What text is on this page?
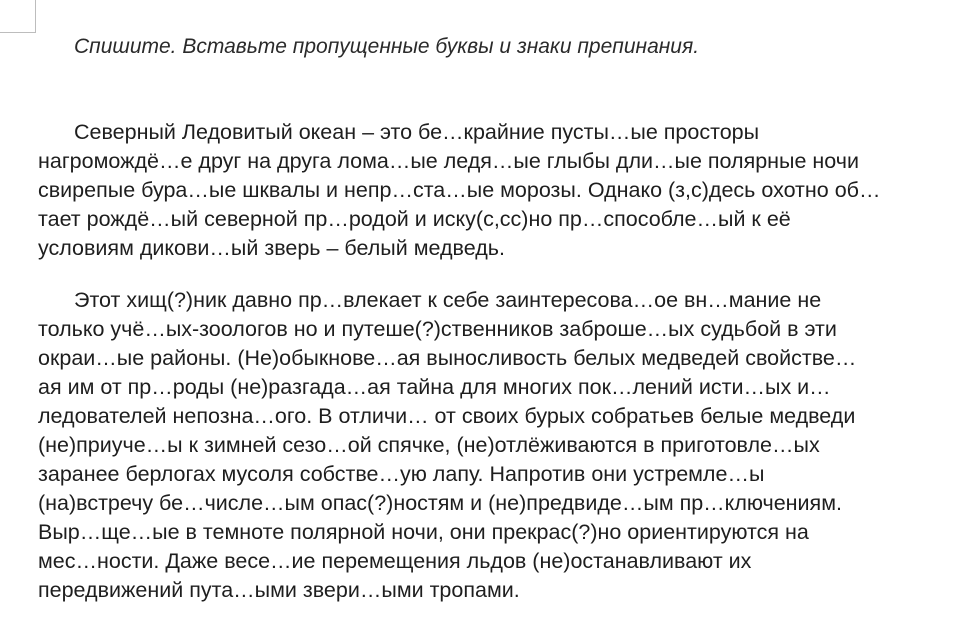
Спишите. Вставьте пропущенные буквы и знаки препинания.
Северный Ледовитый океан – это бе…крайние пусты…ые просторы
нагромождё…е друг на друга лома…ые ледя…ые глыбы дли…ые полярные ночи
свирепые бура…ые шквалы и непр…ста…ые морозы. Однако (з,с)десь охотно об…
тает рождё…ый северной пр…родой и иску(с,сс)но пр…способле…ый к её
условиям дикови…ый зверь – белый медведь.
Этот хищ(?)ник давно пр…влекает к себе заинтересова…ое вн…мание не
только учё…ых-зоологов но и путеше(?)ственников заброше…ых судьбой в эти
окраи…ые районы. (Не)обыкнове…ая выносливость белых медведей свойстве…
ая им от пр…роды (не)разгада…ая тайна для многих пок…лений исти…ых и…
ледователей непозна…ого. В отличи… от своих бурых собратьев белые медведи
(не)приуче…ы к зимней сезо…ой спячке, (не)отлёживаются в приготовле…ых
заранее берлогах мусоля собстве…ую лапу. Напротив они устремле…ы
(на)встречу бе…числе…ым опас(?)ностям и (не)предвиде…ым пр…ключениям.
Выр…ще…ые в темноте полярной ночи, они прекрас(?)но ориентируются на
мес…ности. Даже весе…ие перемещения льдов (не)останавливают их
передвижений пута…ыми звери…ыми тропами.
